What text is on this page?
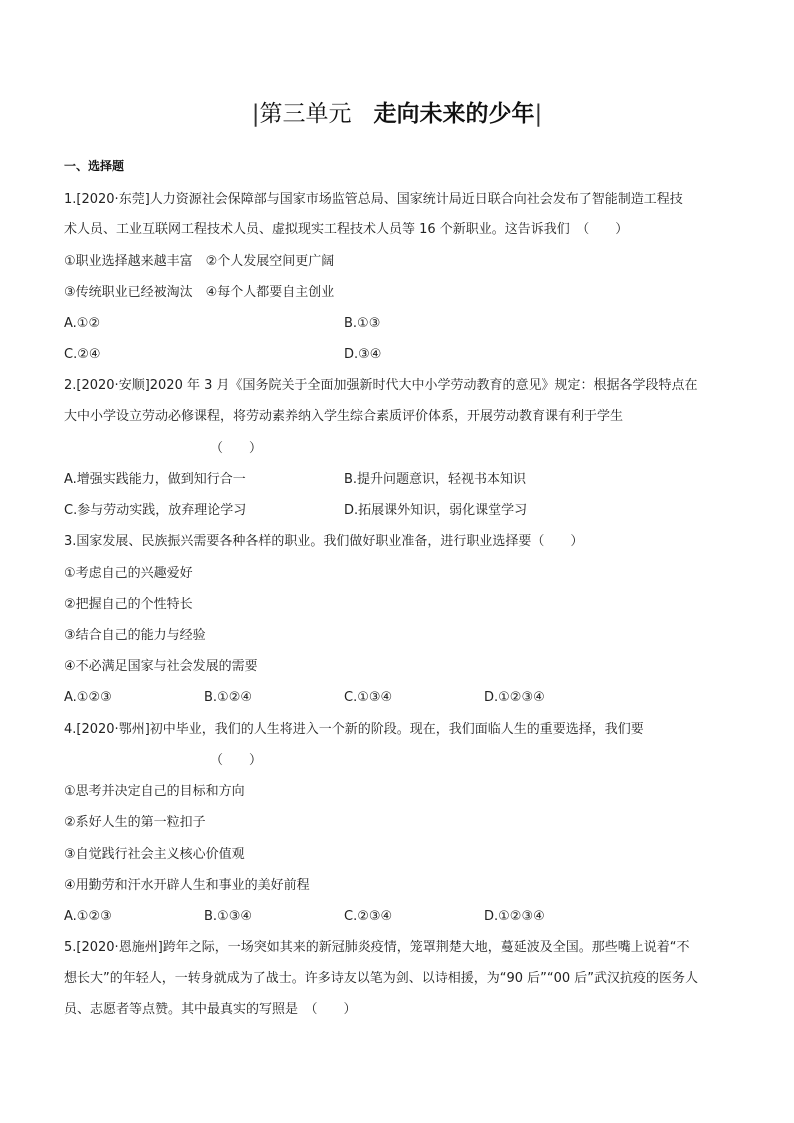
|第三单元 走向未来的少年|
一、选择题
1.[2020·东莞]人力资源社会保障部与国家市场监管总局、国家统计局近日联合向社会发布了智能制造工程技
术人员、工业互联网工程技术人员、虚拟现实工程技术人员等 16 个新职业。这告诉我们　（　　）
①职业选择越来越丰富　②个人发展空间更广阔
③传统职业已经被淘汰　④每个人都要自主创业
A.①②	B.①③
C.②④	D.③④
2.[2020·安顺]2020 年 3 月《国务院关于全面加强新时代大中小学劳动教育的意见》规定：根据各学段特点在
大中小学设立劳动必修课程，将劳动素养纳入学生综合素质评价体系，开展劳动教育课有利于学生
（　　）
A.增强实践能力，做到知行合一	B.提升问题意识，轻视书本知识
C.参与劳动实践，放弃理论学习	D.拓展课外知识，弱化课堂学习
3.国家发展、民族振兴需要各种各样的职业。我们做好职业准备，进行职业选择要（　　）
①考虑自己的兴趣爱好
②把握自己的个性特长
③结合自己的能力与经验
④不必满足国家与社会发展的需要
A.①②③	B.①②④	C.①③④	D.①②③④
4.[2020·鄂州]初中毕业，我们的人生将进入一个新的阶段。现在，我们面临人生的重要选择，我们要
（　　）
①思考并决定自己的目标和方向
②系好人生的第一粒扣子
③自觉践行社会主义核心价值观
④用勤劳和汗水开辟人生和事业的美好前程
A.①②③	B.①③④	C.②③④	D.①②③④
5.[2020·恩施州]跨年之际，一场突如其来的新冠肺炎疫情，笼罩荆楚大地，蔓延波及全国。那些嘴上说着“不
想长大”的年轻人，一转身就成为了战士。许多诗友以笔为剑、以诗相援，为“90 后”“00 后”武汉抗疫的医务人
员、志愿者等点赞。其中最真实的写照是　（　　）
